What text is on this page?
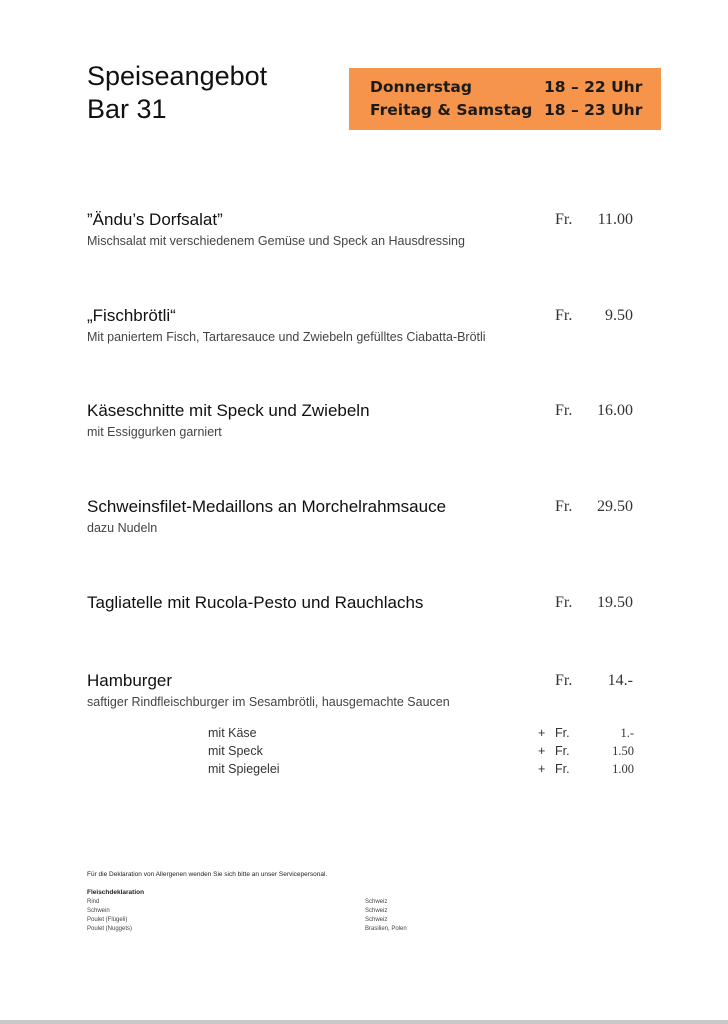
Speiseangebot
Bar 31
Donnerstag	18 – 22 Uhr
Freitag & Samstag 18 – 23 Uhr
”Ändu’s Dorfsalat”
Mischsalat mit verschiedenem Gemüse und Speck an Hausdressing
Fr. 11.00
„Fischbrötli“
Mit paniertem Fisch, Tartaresauce und Zwiebeln gefülltes Ciabatta-Brötli
Fr. 9.50
Käseschnitte mit Speck und Zwiebeln
mit Essiggurken garniert
Fr. 16.00
Schweinsfilet-Medaillons an Morchelrahmsauce
dazu Nudeln
Fr. 29.50
Tagliatelle mit Rucola-Pesto und Rauchlachs	Fr. 19.50
Hamburger
saftiger Rindfleischburger im Sesambrötli, hausgemachte Saucen
Fr. 14.-
mit Käse	+ Fr.	1.-
mit Speck	+ Fr.	1.50
mit Spiegelei	+ Fr.	1.00
Für die Deklaration von Allergenen wenden Sie sich bitte an unser Servicepersonal.
Fleischdeklaration
Rind	Schweiz
Schwein	Schweiz
Poulet (Flügeli)	Schweiz
Poulet (Nuggets)	Brasilien, Polen
